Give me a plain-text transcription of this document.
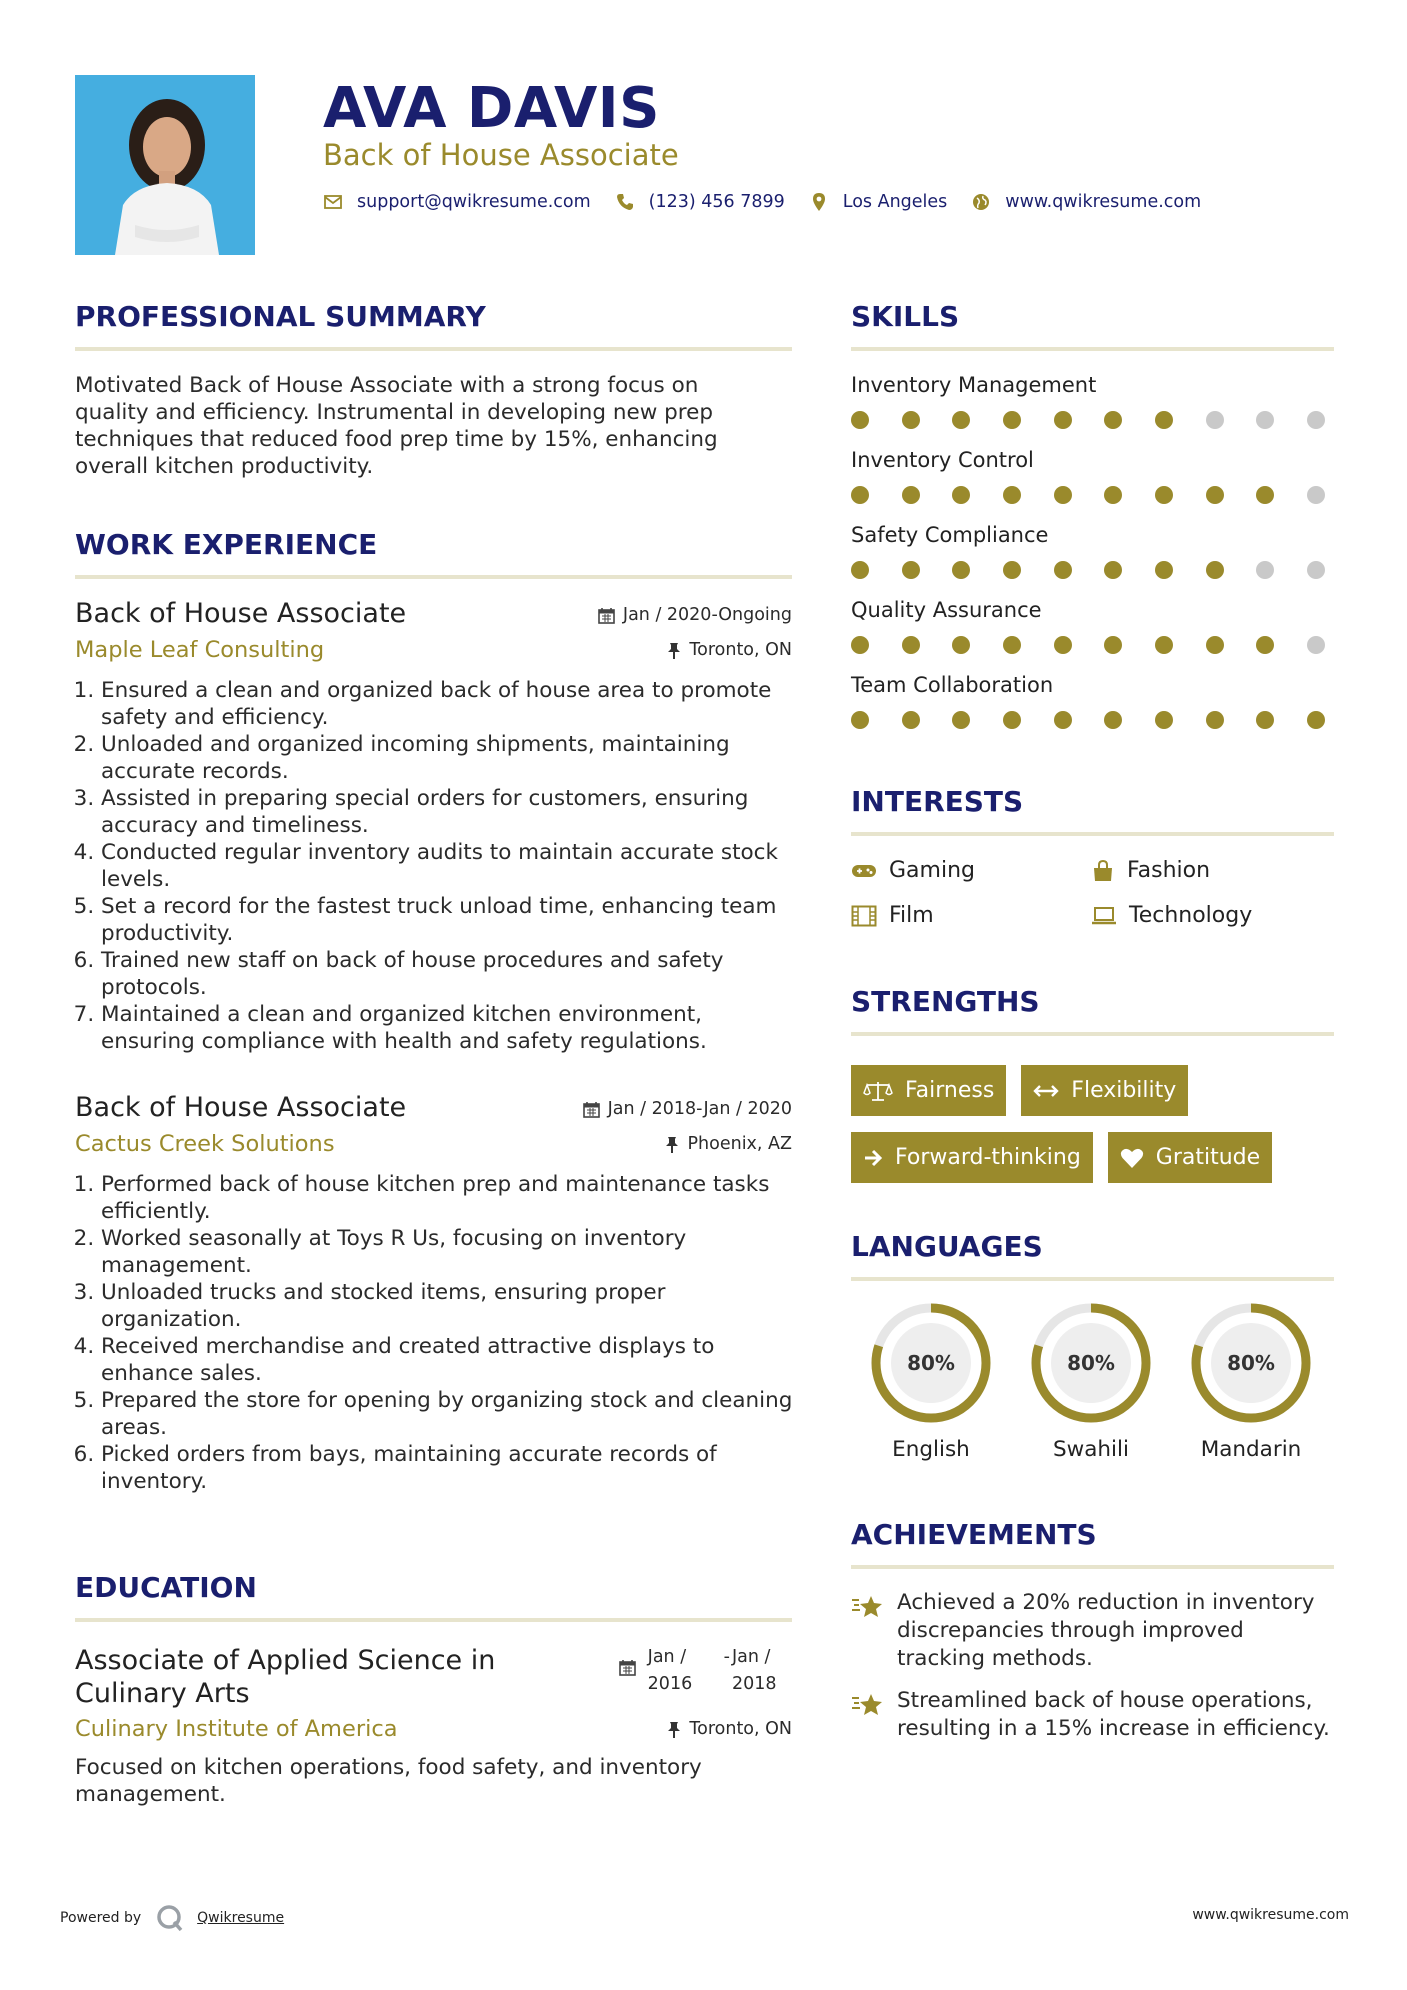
AVA DAVIS

Back of House Associate

support@qwikresume.com	(123) 456 7899	Los Angeles	www.qwikresume.com
PROFESSIONAL SUMMARY

Motivated Back of House Associate with a strong focus on quality and efficiency. Instrumental in developing new prep techniques that reduced food prep time by 15%, enhancing overall kitchen productivity.

WORK EXPERIENCE

Back of House Associate	Jan / 2020-Ongoing

Maple Leaf Consulting	Toronto, ON
1. Ensured a clean and organized back of house area to promote safety and efficiency.
2. Unloaded and organized incoming shipments, maintaining accurate records.
3. Assisted in preparing special orders for customers, ensuring accuracy and timeliness.
4. Conducted regular inventory audits to maintain accurate stock levels.
5. Set a record for the fastest truck unload time, enhancing team productivity.
6. Trained new staff on back of house procedures and safety protocols.
7. Maintained a clean and organized kitchen environment, ensuring compliance with health and safety regulations.

Back of House Associate	Jan / 2018-Jan / 2020

Cactus Creek Solutions	Phoenix, AZ
1. Performed back of house kitchen prep and maintenance tasks efficiently.
2. Worked seasonally at Toys R Us, focusing on inventory management.
3. Unloaded trucks and stocked items, ensuring proper organization.
4. Received merchandise and created attractive displays to enhance sales.
5. Prepared the store for opening by organizing stock and cleaning areas.
6. Picked orders from bays, maintaining accurate records of inventory.
EDUCATION

Associate of Applied Science in Culinary Arts

Jan / 2016
- Jan / 2018

Culinary Institute of America	Toronto, ON

Focused on kitchen operations, food safety, and inventory management.

SKILLS

Inventory Management

Inventory Control

Safety Compliance

Quality Assurance

Team Collaboration

INTERESTS
Gaming	Fashion
Film	Technology
STRENGTHS
Fairness	Flexibility
Forward-thinking	Gratitude
LANGUAGES
80%
English
80%
Swahili
80%
Mandarin
ACHIEVEMENTS

Achieved a 20% reduction in inventory discrepancies through improved tracking methods.

Streamlined back of house operations, resulting in a 15% increase in efficiency.

Powered by	Qwikresume	www.qwikresume.com
